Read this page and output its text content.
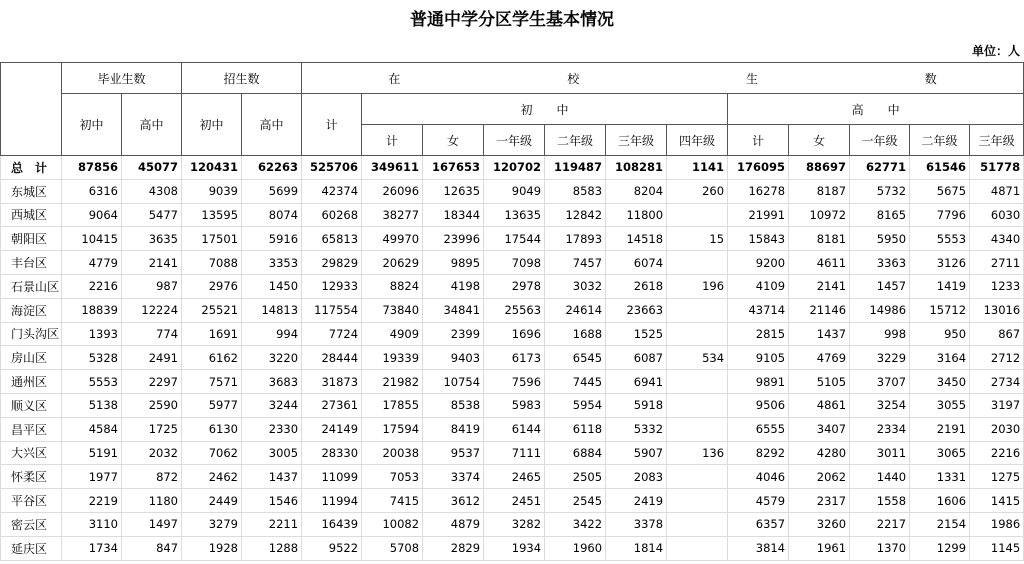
普通中学分区学生基本情况
单位：人
	毕业生数		招生数		在 校 生 数											

	初中	高中	初中	高中	计	初　　中						高　　中				
						计	女	一年级	二年级	三年级	四年级	计	女	一年级	二年级	三年级
总　计	87856	45077	120431	62263	525706	349611	167653	120702	119487	108281	1141	176095	88697	62771	61546	51778
东城区	6316	4308	9039	5699	42374	26096	12635	9049	8583	8204	260	16278	8187	5732	5675	4871
西城区	9064	5477	13595	8074	60268	38277	18344	13635	12842	11800		21991	10972	8165	7796	6030
朝阳区	10415	3635	17501	5916	65813	49970	23996	17544	17893	14518	15	15843	8181	5950	5553	4340
丰台区	4779	2141	7088	3353	29829	20629	9895	7098	7457	6074		9200	4611	3363	3126	2711
石景山区	2216	987	2976	1450	12933	8824	4198	2978	3032	2618	196	4109	2141	1457	1419	1233
海淀区	18839	12224	25521	14813	117554	73840	34841	25563	24614	23663		43714	21146	14986	15712	13016
门头沟区	1393	774	1691	994	7724	4909	2399	1696	1688	1525		2815	1437	998	950	867
房山区	5328	2491	6162	3220	28444	19339	9403	6173	6545	6087	534	9105	4769	3229	3164	2712
通州区	5553	2297	7571	3683	31873	21982	10754	7596	7445	6941		9891	5105	3707	3450	2734
顺义区	5138	2590	5977	3244	27361	17855	8538	5983	5954	5918		9506	4861	3254	3055	3197
昌平区	4584	1725	6130	2330	24149	17594	8419	6144	6118	5332		6555	3407	2334	2191	2030
大兴区	5191	2032	7062	3005	28330	20038	9537	7111	6884	5907	136	8292	4280	3011	3065	2216
怀柔区	1977	872	2462	1437	11099	7053	3374	2465	2505	2083		4046	2062	1440	1331	1275
平谷区	2219	1180	2449	1546	11994	7415	3612	2451	2545	2419		4579	2317	1558	1606	1415
密云区	3110	1497	3279	2211	16439	10082	4879	3282	3422	3378		6357	3260	2217	2154	1986
延庆区	1734	847	1928	1288	9522	5708	2829	1934	1960	1814		3814	1961	1370	1299	1145
